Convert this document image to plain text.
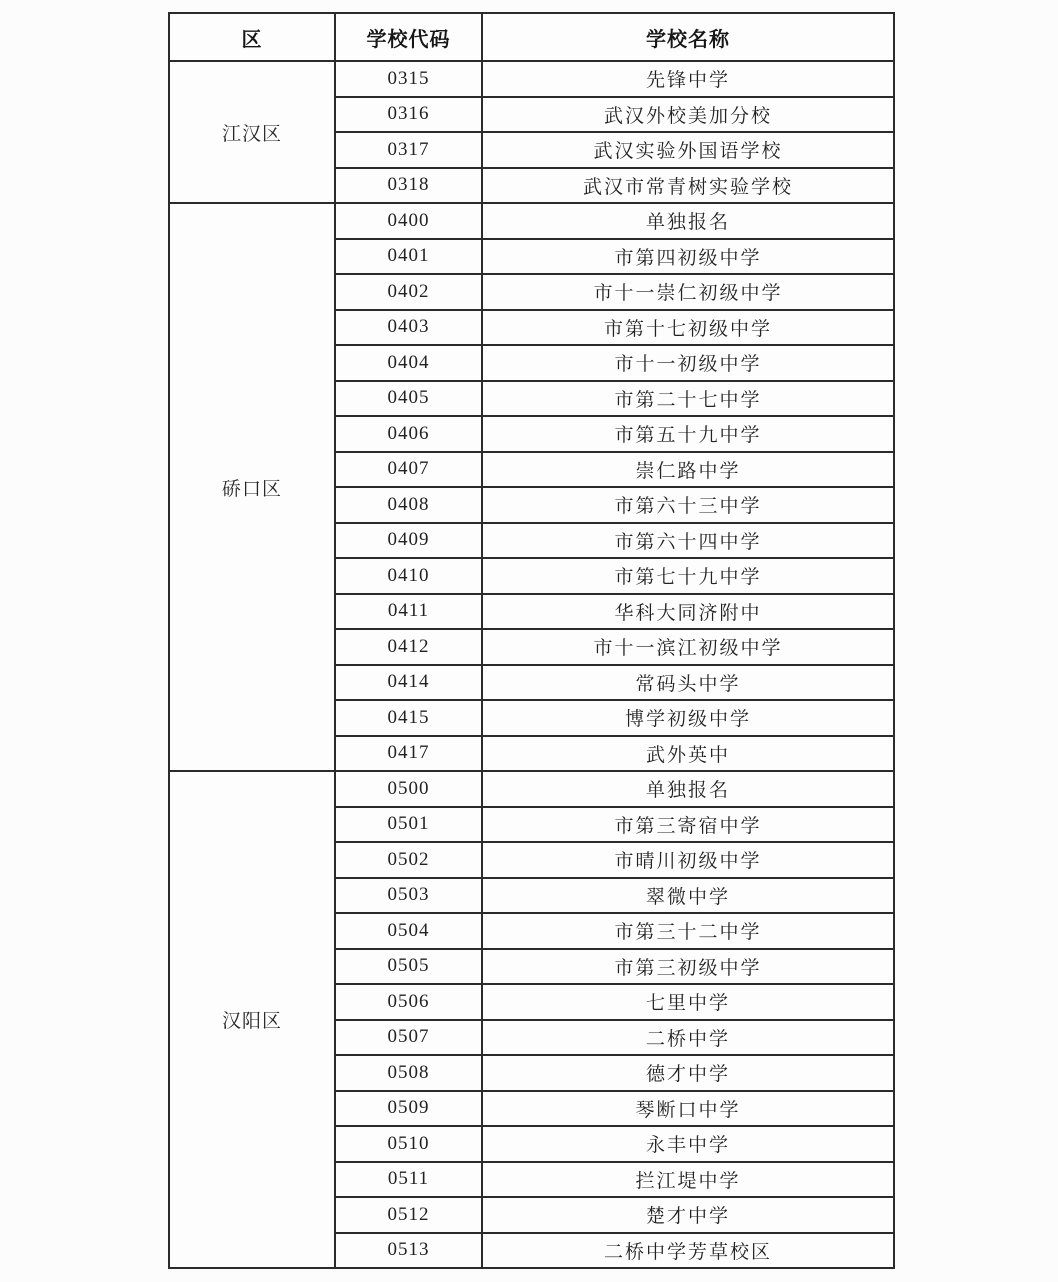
区	学校代码	学校名称
江汉区	0315	先锋中学
	0316	武汉外校美加分校
	0317	武汉实验外国语学校
	0318	武汉市常青树实验学校
硚口区	0400	单独报名
	0401	市第四初级中学
	0402	市十一崇仁初级中学
	0403	市第十七初级中学
	0404	市十一初级中学
	0405	市第二十七中学
	0406	市第五十九中学
	0407	崇仁路中学
	0408	市第六十三中学
	0409	市第六十四中学
	0410	市第七十九中学
	0411	华科大同济附中
	0412	市十一滨江初级中学
	0414	常码头中学
	0415	博学初级中学
	0417	武外英中
汉阳区	0500	单独报名
	0501	市第三寄宿中学
	0502	市晴川初级中学
	0503	翠微中学
	0504	市第三十二中学
	0505	市第三初级中学
	0506	七里中学
	0507	二桥中学
	0508	德才中学
	0509	琴断口中学
	0510	永丰中学
	0511	拦江堤中学
	0512	楚才中学
	0513	二桥中学芳草校区
